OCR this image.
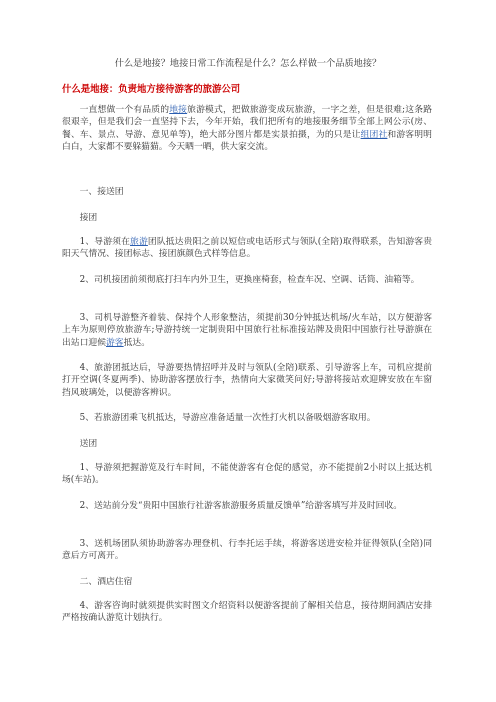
什么是地接？地接日常工作流程是什么？怎么样做一个品质地接？
什么是地接：负责地方接待游客的旅游公司

一直想做一个有品质的地接旅游模式，把做旅游变成玩旅游，一字之差，但是很难;这条路很艰辛，但是我们会一直坚持下去，今年开始，我们把所有的地接服务细节全部上网公示(房、餐、车、景点、导游、意见单等)，绝大部分图片都是实景拍摄，为的只是让组团社和游客明明白白，大家都不要躲猫猫。今天晒一晒，供大家交流。

一、接送团

接团

1、导游须在旅游团队抵达贵阳之前以短信或电话形式与领队(全陪)取得联系，告知游客贵阳天气情况、接团标志、接团旗颜色式样等信息。

2、司机接团前须彻底打扫车内外卫生，更换座椅套，检查车况、空调、话筒、油箱等。

3、司机导游整齐着装、保持个人形象整洁，须提前30分钟抵达机场/火车站，以方便游客上车为原则停放旅游车;导游持统一定制贵阳中国旅行社标准接站牌及贵阳中国旅行社导游旗在出站口迎候游客抵达。

4、旅游团抵达后，导游要热情招呼并及时与领队(全陪)联系、引导游客上车，司机应提前打开空调(冬夏两季)、协助游客摆放行李，热情向大家微笑问好;导游将接站欢迎牌安放在车窗挡风玻璃处，以便游客辨识。

5、若旅游团乘飞机抵达，导游应准备适量一次性打火机以备吸烟游客取用。

送团

1、导游须把握游览及行车时间，不能使游客有仓促的感觉，亦不能提前2小时以上抵达机场(车站)。

2、送站前分发“贵阳中国旅行社游客旅游服务质量反馈单”给游客填写并及时回收。

3、送机场团队须协助游客办理登机、行李托运手续，将游客送进安检并征得领队(全陪)同意后方可离开。

二、酒店住宿

4、游客咨询时就须提供实时图文介绍资料以便游客提前了解相关信息，接待期间酒店安排严格按确认游览计划执行。
